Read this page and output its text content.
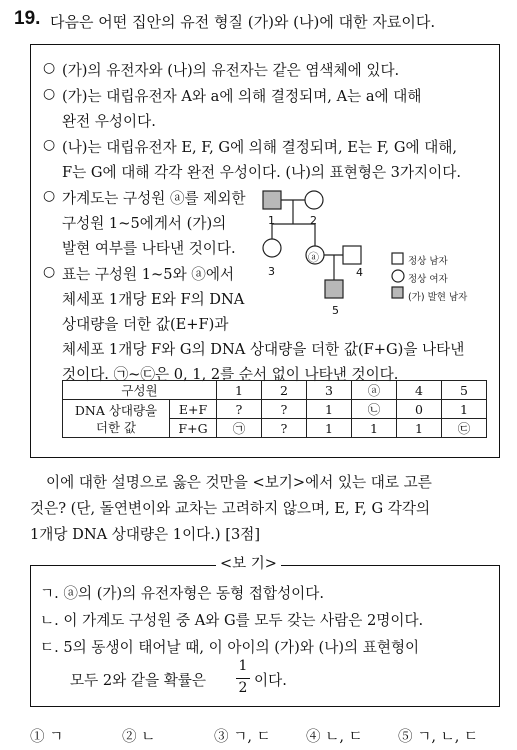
19. 다음은 어떤 집안의 유전 형질 (가)와 (나)에 대한 자료이다.
○ (가)의 유전자와 (나)의 유전자는 같은 염색체에 있다.
○ (가)는 대립유전자 A와 a에 의해 결정되며, A는 a에 대해
완전 우성이다.
○ (나)는 대립유전자 E, F, G에 의해 결정되며, E는 F, G에 대해,
F는 G에 대해 각각 완전 우성이다. (나)의 표현형은 3가지이다.
○ 가계도는 구성원 ⓐ를 제외한
구성원 1~5에게서 (가)의
발현 여부를 나타낸 것이다.
○ 표는 구성원 1~5와 ⓐ에서
체세포 1개당 E와 F의 DNA
상대량을 더한 값(E+F)과
체세포 1개당 F와 G의 DNA 상대량을 더한 값(F+G)을 나타낸
것이다. ㉠~㉢은 0, 1, 2를 순서 없이 나타낸 것이다.
1	2
ⓐ
3	4
5
정상 남자
정상 여자
(가) 발현 남자
구성원		1	2	3	ⓐ	4	5

DNA 상대량을
더한 값	E+F	?	?	1	㉡	0	1
	F+G	㉠	?	1	1	1	㉢
이에 대한 설명으로 옳은 것만을 <보기>에서 있는 대로 고른
것은? (단, 돌연변이와 교차는 고려하지 않으며, E, F, G 각각의
1개당 DNA 상대량은 1이다.) [3점]
<보 기>
ㄱ. ⓐ의 (가)의 유전자형은 동형 접합성이다.
ㄴ. 이 가계도 구성원 중 A와 G를 모두 갖는 사람은 2명이다.
ㄷ. 5의 동생이 태어날 때, 이 아이의 (가)와 (나)의 표현형이
모두 2와 같을 확률은
1
2 이다.
① ㄱ	② ㄴ	③ ㄱ, ㄷ ④ ㄴ, ㄷ ⑤ ㄱ, ㄴ, ㄷ
